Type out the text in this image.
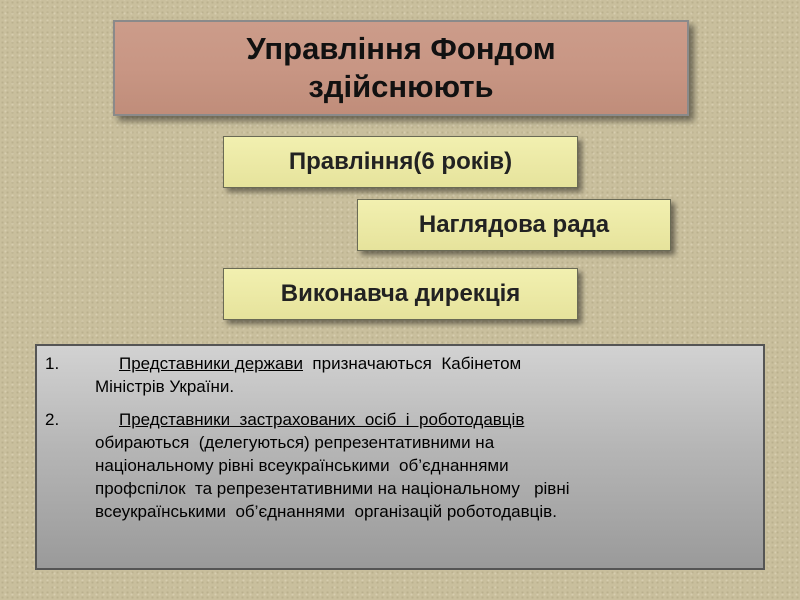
Управління Фондом
здійснюють
Правління(6 років)
Наглядова рада
Виконавча дирекція
1.	Представники держави  призначаються  Кабінетом
Міністрів України.
2.	Представники  застрахованих  осіб  і  роботодавців
обираються  (делегуються) репрезентативними на
національному рівні всеукраїнськими  об’єднаннями
профспілок  та репрезентативними на національному   рівні
всеукраїнськими  об’єднаннями  організацій роботодавців.
